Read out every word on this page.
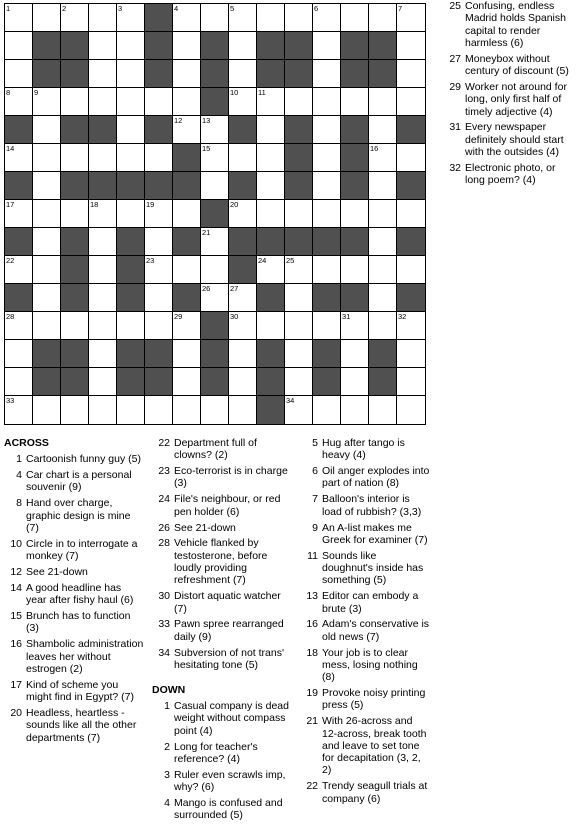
1	2	3	4	5	6	7
8	9	10	11
12	13
14	15	16
17	18	19	20
21
22	23	24	25
26	27
28	29	30	31	32
33	34
ACROSS
1 Cartoonish funny guy (5)
4 Car chart is a personal souvenir (9)
8 Hand over charge, graphic design is mine (7)
10 Circle in to interrogate a monkey (7)
12 See 21-down
14 A good headline has year after fishy haul (6)
15 Brunch has to function (3)
16 Shambolic administration leaves her without estrogen (2)
17 Kind of scheme you might find in Egypt? (7)
20 Headless, heartless - sounds like all the other departments (7)
22 Department full of clowns? (2)
23 Eco-terrorist is in charge (3)
24 File's neighbour, or red pen holder (6)
26 See 21-down
28 Vehicle flanked by testosterone, before loudly providing refreshment (7)
30 Distort aquatic watcher (7)
33 Pawn spree rearranged daily (9)
34 Subversion of not trans' hesitating tone (5)
DOWN
1 Casual company is dead weight without compass point (4)
2 Long for teacher's reference? (4)
3 Ruler even scrawls imp, why? (6)
4 Mango is confused and surrounded (5)
5 Hug after tango is heavy (4)
6 Oil anger explodes into part of nation (8)
7 Balloon's interior is load of rubbish? (3,3)
9 An A-list makes me Greek for examiner (7)
11 Sounds like doughnut's inside has something (5)
13 Editor can embody a brute (3)
16 Adam's conservative is old news (7)
18 Your job is to clear mess, losing nothing (8)
19 Provoke noisy printing press (5)
21 With 26-across and 12-across, break tooth and leave to set tone for decapitation (3, 2, 2)
22 Trendy seagull trials at company (6)
25 Confusing, endless Madrid holds Spanish capital to render harmless (6)
27 Moneybox without century of discount (5)
29 Worker not around for long, only first half of timely adjective (4)
31 Every newspaper definitely should start with the outsides (4)
32 Electronic photo, or long poem? (4)
